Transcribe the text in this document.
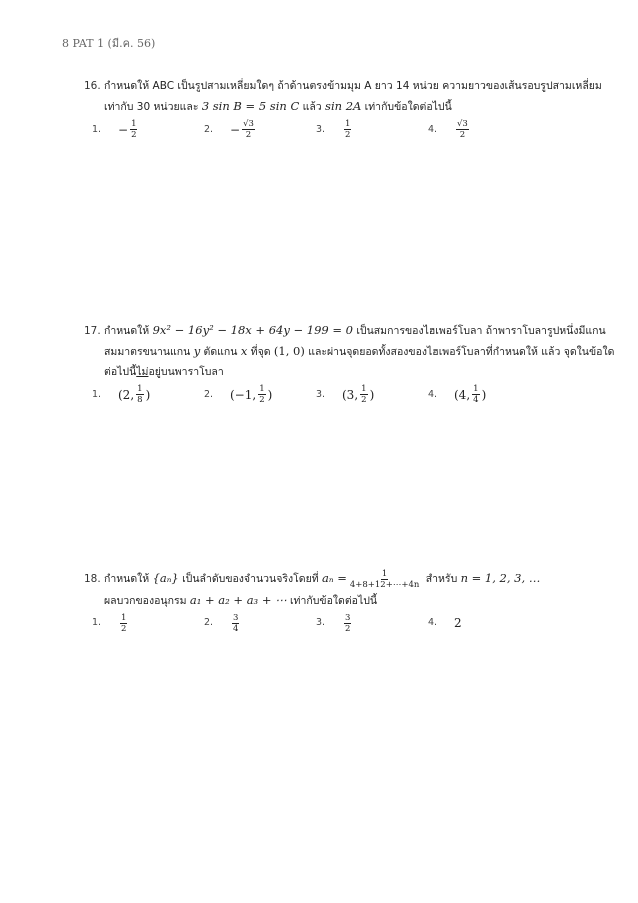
8 PAT 1 (มี.ค. 56)
16. กำหนดให้ ABC เป็นรูปสามเหลี่ยมใดๆ ถ้าด้านตรงข้ามมุม A ยาว 14 หน่วย ความยาวของเส้นรอบรูปสามเหลี่ยม
เท่ากับ 30 หน่วยและ 3 sin B = 5 sin C แล้ว sin 2A เท่ากับข้อใดต่อไปนี้
1.	− $\frac{1}{2}$	2.	− $\frac{√3}{2}$	3.	$\frac{1}{2}$	4.	$\frac{√3}{2}$
17. กำหนดให้ 9x² − 16y² − 18x + 64y − 199 = 0 เป็นสมการของไฮเพอร์โบลา ถ้าพาราโบลารูปหนึ่งมีแกน
สมมาตรขนานแกน y ตัดแกน x ที่จุด (1, 0) และผ่านจุดยอดทั้งสองของไฮเพอร์โบลาที่กำหนดให้ แล้ว จุดในข้อใด
ต่อไปนี้ไม่อยู่บนพาราโบลา
1.	(2, $\frac{1}{8}$ )	2.	(−1, $\frac{1}{2}$ )	3.	(3, $\frac{1}{2}$ )	4.	(4, $\frac{1}{4}$ )
18. กำหนดให้ {aₙ} เป็นลำดับของจำนวนจริงโดยที่ $a_n = \frac{1}{4+8+12+\cdots+4n}$ สำหรับ n = 1, 2, 3, …
ผลบวกของอนุกรม a₁ + a₂ + a₃ + ⋯ เท่ากับข้อใดต่อไปนี้
1.	$\frac{1}{2}$	2.	$\frac{3}{4}$	3.	$\frac{3}{2}$	4.	2
